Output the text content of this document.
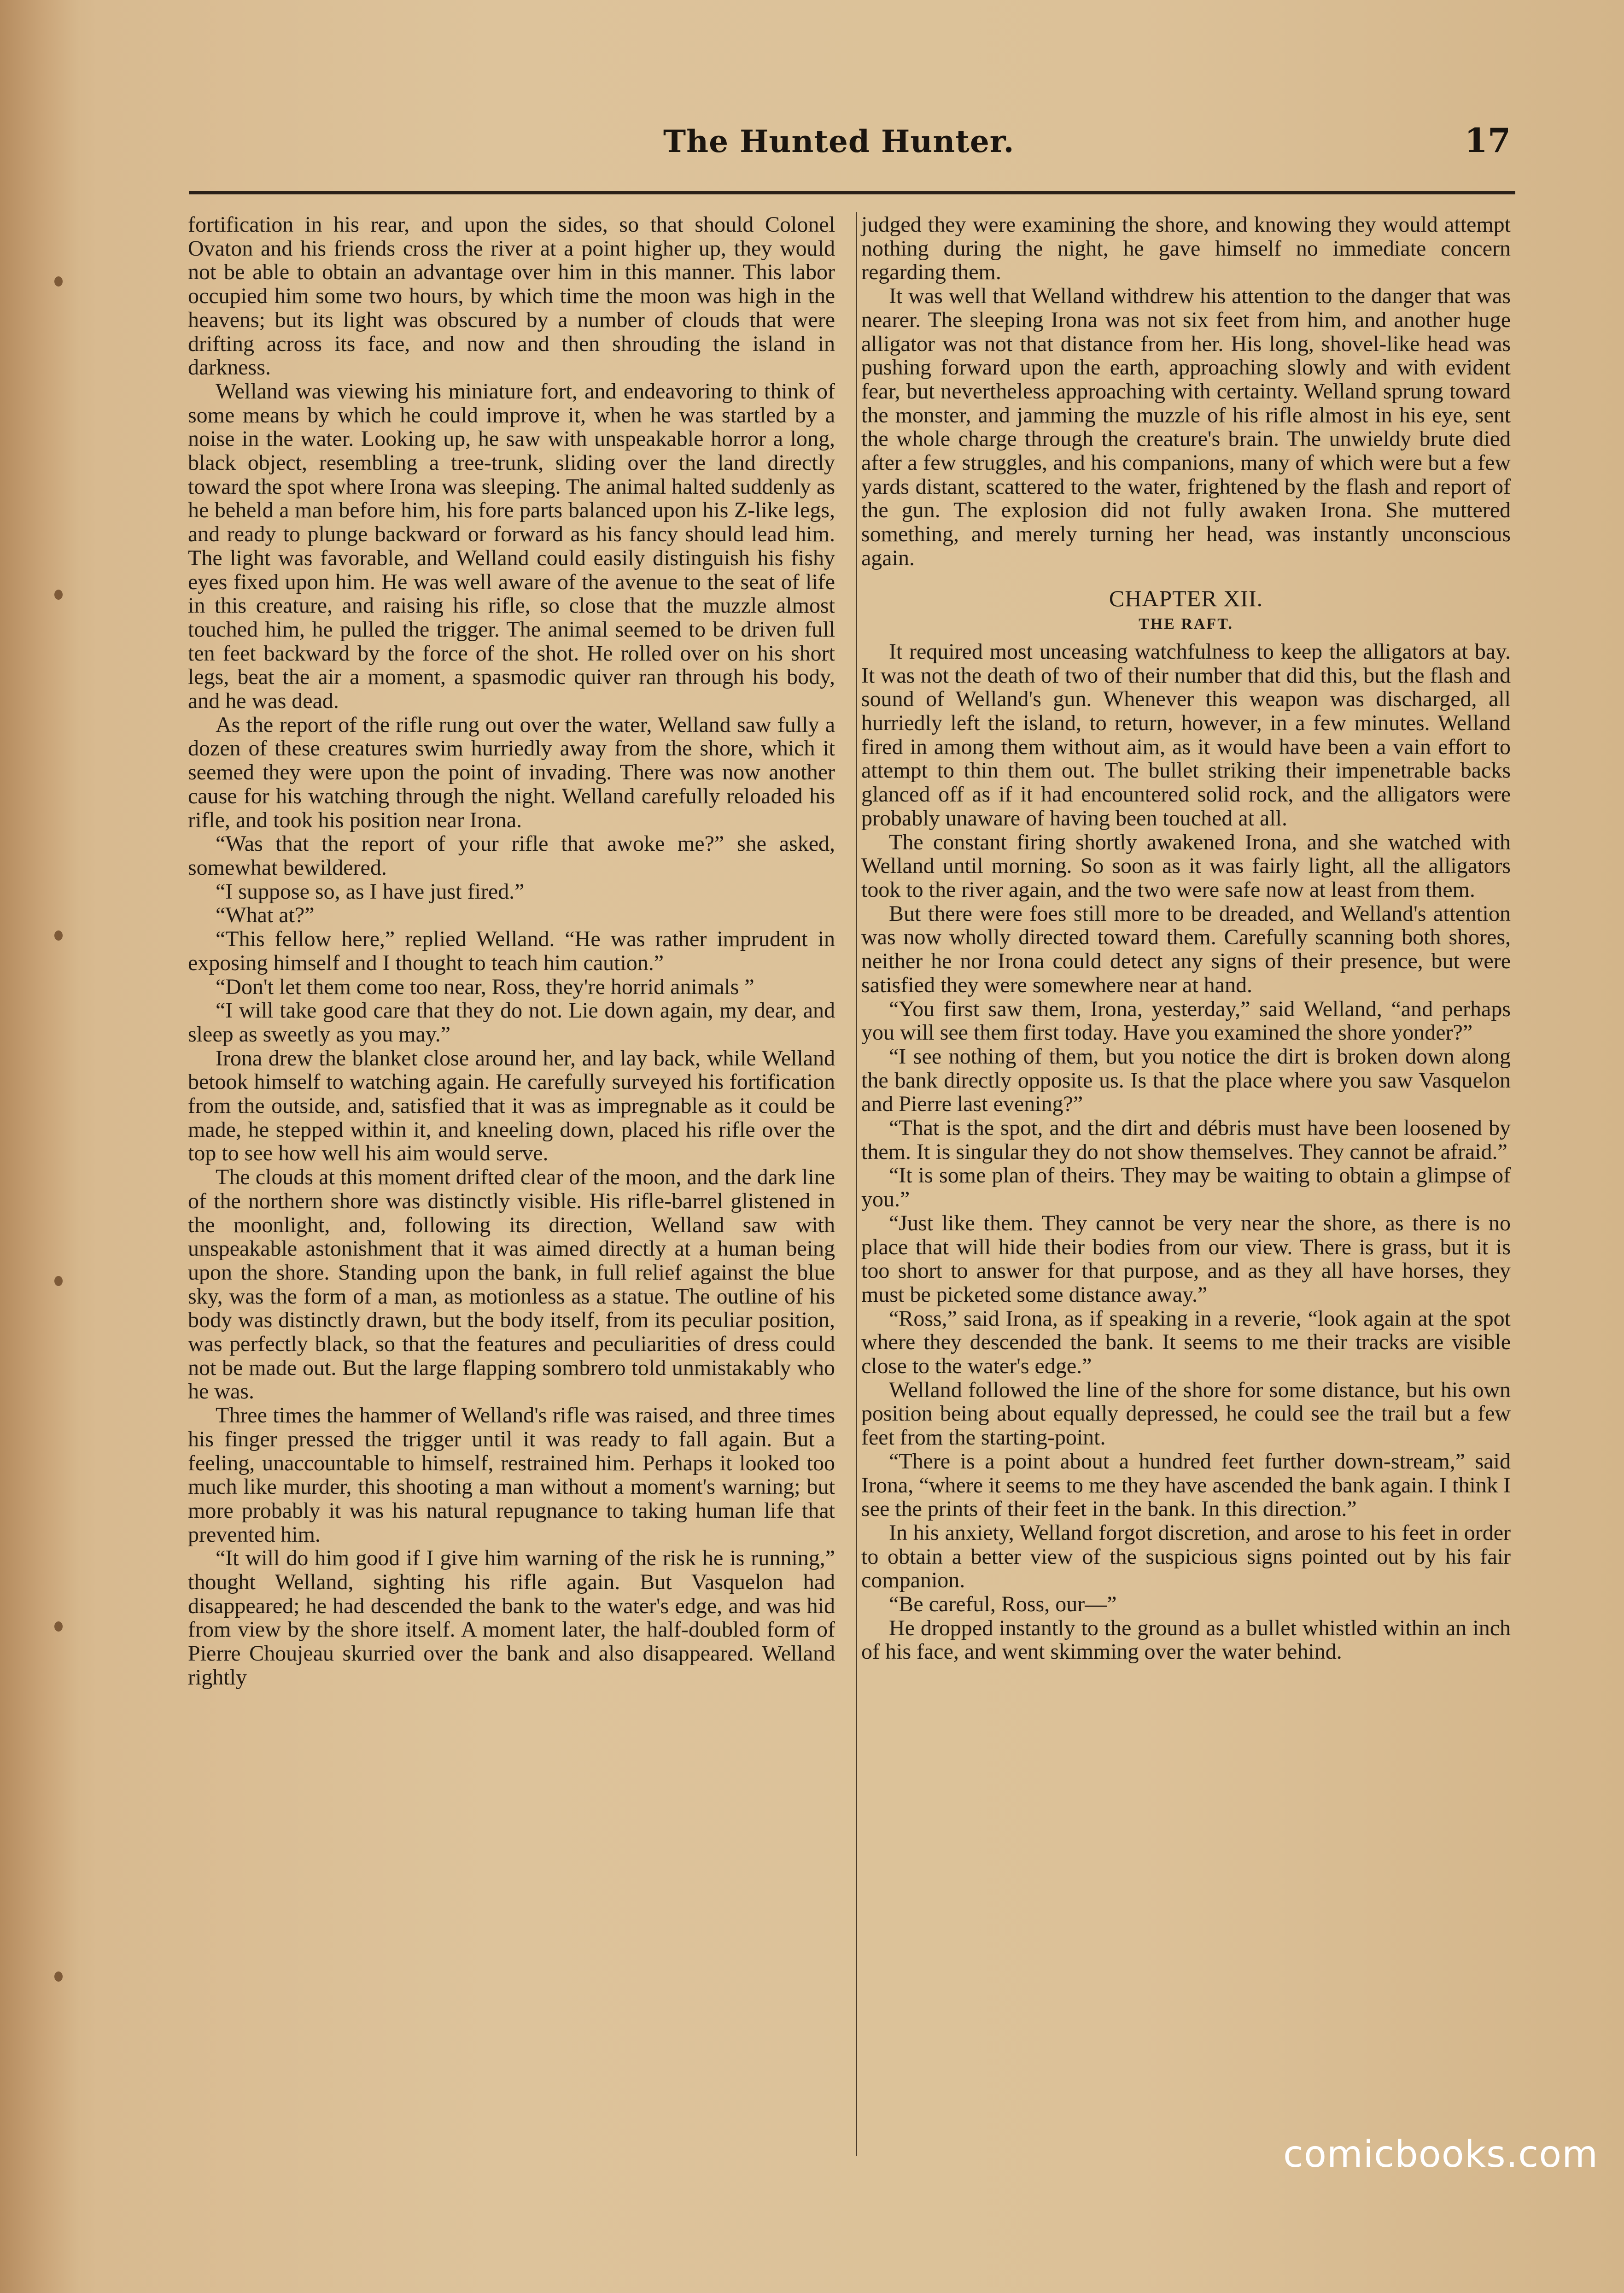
The Hunted Hunter.	17

fortification in his rear, and upon the sides, so that should Colonel Ovaton and his friends cross the river at a point higher up, they would not be able to obtain an advantage over him in this manner. This labor occupied him some two hours, by which time the moon was high in the heavens; but its light was obscured by a number of clouds that were drifting across its face, and now and then shrouding the island in darkness.

Welland was viewing his miniature fort, and endeavoring to think of some means by which he could improve it, when he was startled by a noise in the water. Looking up, he saw with unspeakable horror a long, black object, resembling a tree-trunk, sliding over the land directly toward the spot where Irona was sleeping. The animal halted suddenly as he beheld a man before him, his fore parts balanced upon his Z-like legs, and ready to plunge backward or forward as his fancy should lead him. The light was favorable, and Welland could easily distinguish his fishy eyes fixed upon him. He was well aware of the avenue to the seat of life in this creature, and raising his rifle, so close that the muzzle almost touched him, he pulled the trigger. The animal seemed to be driven full ten feet backward by the force of the shot. He rolled over on his short legs, beat the air a moment, a spasmodic quiver ran through his body, and he was dead.

As the report of the rifle rung out over the water, Welland saw fully a dozen of these creatures swim hurriedly away from the shore, which it seemed they were upon the point of invading. There was now another cause for his watching through the night. Welland carefully reloaded his rifle, and took his position near Irona.

“Was that the report of your rifle that awoke me?” she asked, somewhat bewildered.

“I suppose so, as I have just fired.”

“What at?”

“This fellow here,” replied Welland. “He was rather imprudent in exposing himself and I thought to teach him caution.”

“Don't let them come too near, Ross, they're horrid animals ”

“I will take good care that they do not. Lie down again, my dear, and sleep as sweetly as you may.”

Irona drew the blanket close around her, and lay back, while Welland betook himself to watching again. He carefully surveyed his fortification from the outside, and, satisfied that it was as impregnable as it could be made, he stepped within it, and kneeling down, placed his rifle over the top to see how well his aim would serve.

The clouds at this moment drifted clear of the moon, and the dark line of the northern shore was distinctly visible. His rifle-barrel glistened in the moonlight, and, following its direction, Welland saw with unspeakable astonishment that it was aimed directly at a human being upon the shore. Standing upon the bank, in full relief against the blue sky, was the form of a man, as motionless as a statue. The outline of his body was distinctly drawn, but the body itself, from its peculiar position, was perfectly black, so that the features and peculiarities of dress could not be made out. But the large flapping sombrero told unmistakably who he was.

Three times the hammer of Welland's rifle was raised, and three times his finger pressed the trigger until it was ready to fall again. But a feeling, unaccountable to himself, restrained him. Perhaps it looked too much like murder, this shooting a man without a moment's warning; but more probably it was his natural repugnance to taking human life that prevented him.

“It will do him good if I give him warning of the risk he is running,” thought Welland, sighting his rifle again. But Vasquelon had disappeared; he had descended the bank to the water's edge, and was hid from view by the shore itself. A moment later, the half-doubled form of Pierre Choujeau skurried over the bank and also disappeared. Welland rightly

judged they were examining the shore, and knowing they would attempt nothing during the night, he gave himself no immediate concern regarding them.

It was well that Welland withdrew his attention to the danger that was nearer. The sleeping Irona was not six feet from him, and another huge alligator was not that distance from her. His long, shovel-like head was pushing forward upon the earth, approaching slowly and with evident fear, but nevertheless approaching with certainty. Welland sprung toward the monster, and jamming the muzzle of his rifle almost in his eye, sent the whole charge through the creature's brain. The unwieldy brute died after a few struggles, and his companions, many of which were but a few yards distant, scattered to the water, frightened by the flash and report of the gun. The explosion did not fully awaken Irona. She muttered something, and merely turning her head, was instantly unconscious again.

CHAPTER XII.
THE RAFT.

It required most unceasing watchfulness to keep the alligators at bay. It was not the death of two of their number that did this, but the flash and sound of Welland's gun. Whenever this weapon was discharged, all hurriedly left the island, to return, however, in a few minutes. Welland fired in among them without aim, as it would have been a vain effort to attempt to thin them out. The bullet striking their impenetrable backs glanced off as if it had encountered solid rock, and the alligators were probably unaware of having been touched at all.

The constant firing shortly awakened Irona, and she watched with Welland until morning. So soon as it was fairly light, all the alligators took to the river again, and the two were safe now at least from them.

But there were foes still more to be dreaded, and Welland's attention was now wholly directed toward them. Carefully scanning both shores, neither he nor Irona could detect any signs of their presence, but were satisfied they were somewhere near at hand.

“You first saw them, Irona, yesterday,” said Welland, “and perhaps you will see them first today. Have you examined the shore yonder?”

“I see nothing of them, but you notice the dirt is broken down along the bank directly opposite us. Is that the place where you saw Vasquelon and Pierre last evening?”

“That is the spot, and the dirt and débris must have been loosened by them. It is singular they do not show themselves. They cannot be afraid.”

“It is some plan of theirs. They may be waiting to obtain a glimpse of you.”

“Just like them. They cannot be very near the shore, as there is no place that will hide their bodies from our view. There is grass, but it is too short to answer for that purpose, and as they all have horses, they must be picketed some distance away.”

“Ross,” said Irona, as if speaking in a reverie, “look again at the spot where they descended the bank. It seems to me their tracks are visible close to the water's edge.”

Welland followed the line of the shore for some distance, but his own position being about equally depressed, he could see the trail but a few feet from the starting-point.

“There is a point about a hundred feet further down-stream,” said Irona, “where it seems to me they have ascended the bank again. I think I see the prints of their feet in the bank. In this direction.”

In his anxiety, Welland forgot discretion, and arose to his feet in order to obtain a better view of the suspicious signs pointed out by his fair companion.

“Be careful, Ross, our—”

He dropped instantly to the ground as a bullet whistled within an inch of his face, and went skimming over the water behind.

comicbooks.com
